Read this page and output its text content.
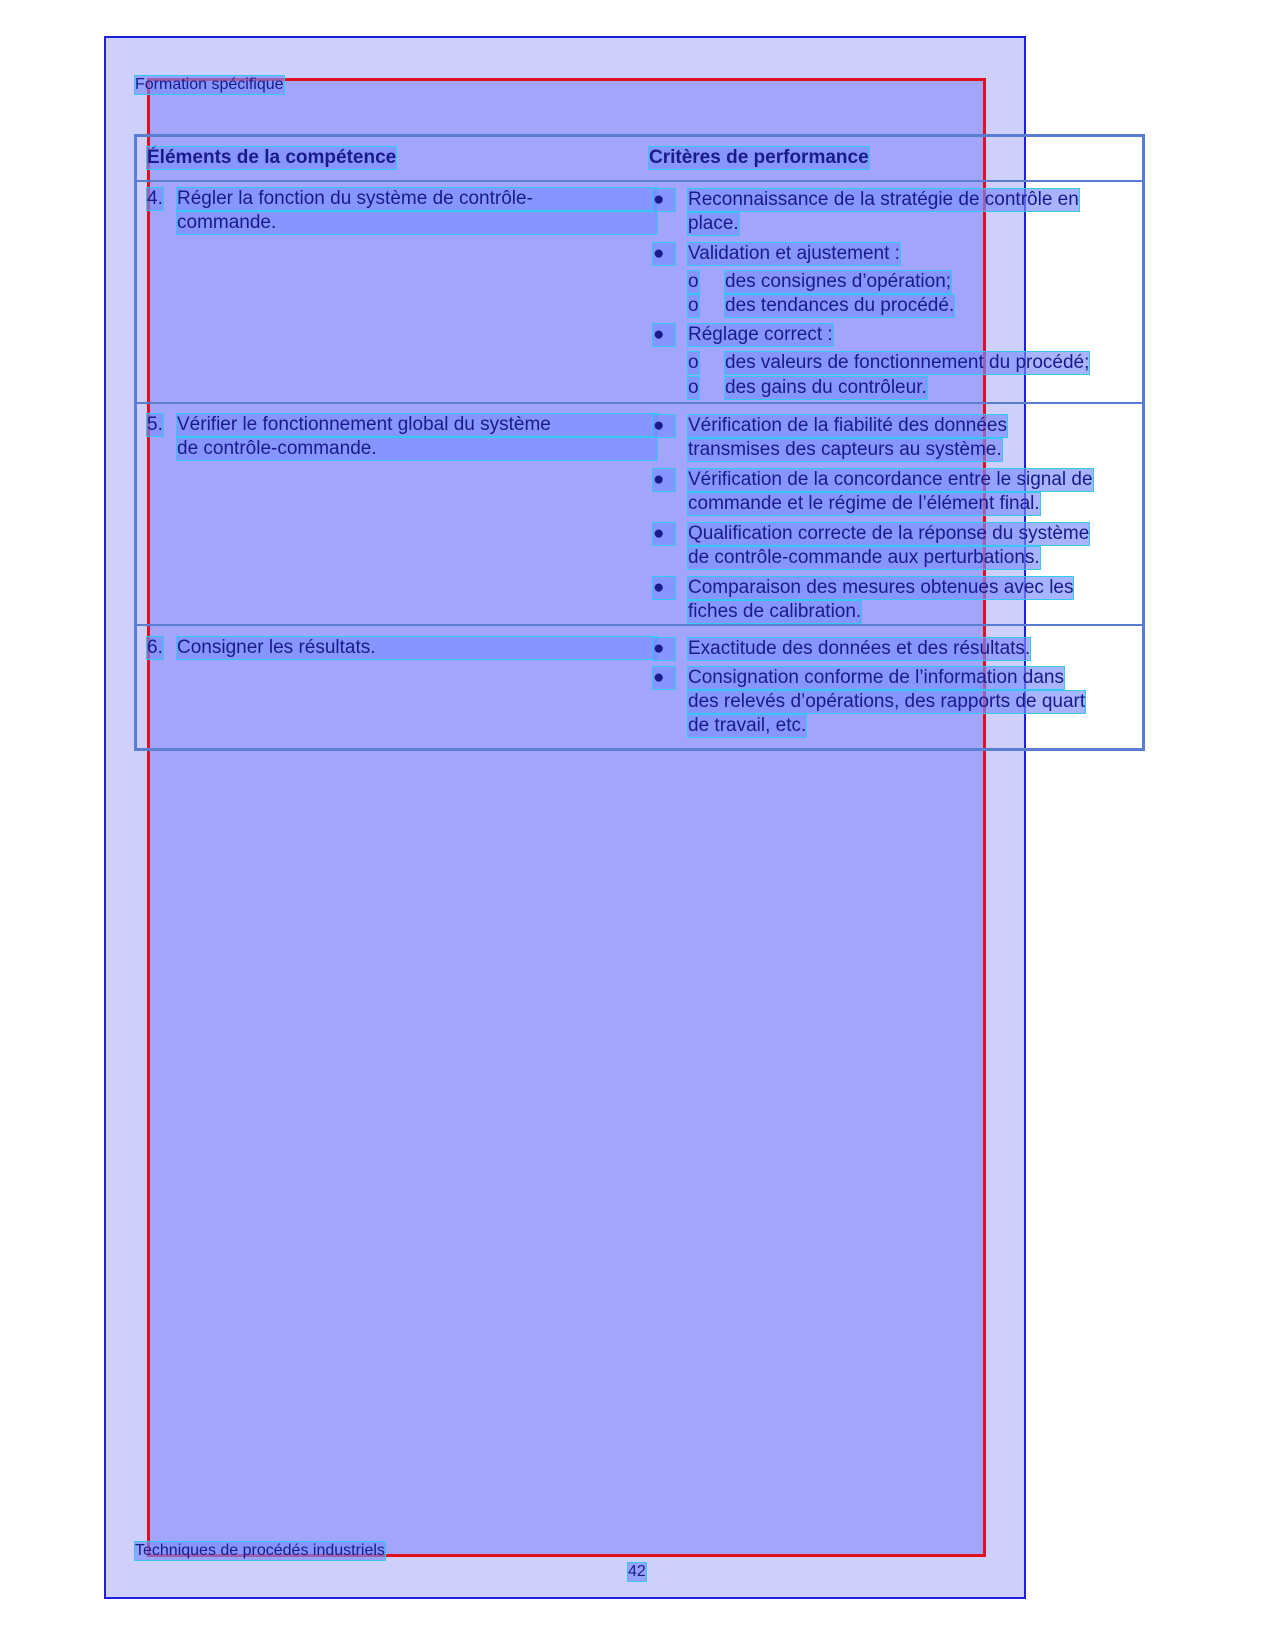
Formation spécifique
Éléments de la compétence	Critères de performance
4. Régler la fonction du système de contrôle-
commande.
●	Reconnaissance de la stratégie de contrôle en
place.
●	Validation et ajustement :
o des consignes d’opération;
o des tendances du procédé.
●	Réglage correct :
o des valeurs de fonctionnement du procédé;
o des gains du contrôleur.
5. Vérifier le fonctionnement global du système
de contrôle-commande.
●	Vérification de la fiabilité des données
transmises des capteurs au système.
●	Vérification de la concordance entre le signal de
commande et le régime de l’élément final.
●	Qualification correcte de la réponse du système
de contrôle-commande aux perturbations.
●	Comparaison des mesures obtenues avec les
fiches de calibration.
6. Consigner les résultats.	●	Exactitude des données et des résultats.
●	Consignation conforme de l’information dans
des relevés d’opérations, des rapports de quart
de travail, etc.
Techniques de procédés industriels
42
